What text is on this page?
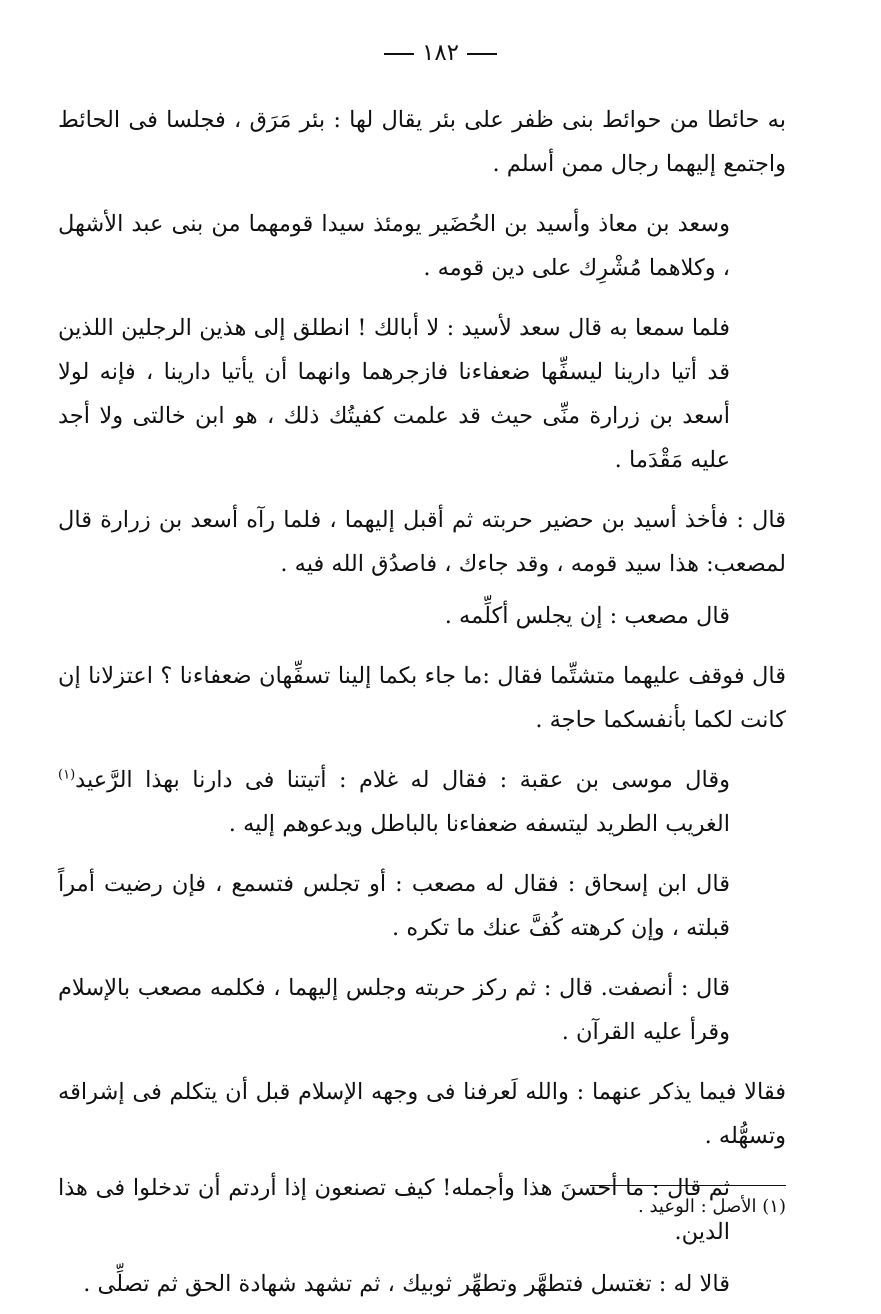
١٨٢

به حائطا من حوائط بنى ظفر على بئر يقال لها : بئر مَرَق ، فجلسا فى الحائط واجتمع إليهما رجال ممن أسلم .

وسعد بن معاذ وأسيد بن الحُضَير يومئذ سيدا قومهما من بنى عبد الأشهل ، وكلاهما مُشْرِك على دين قومه .

فلما سمعا به قال سعد لأسيد : لا أبالك ! انطلق إلى هذين الرجلين اللذين قد أتيا دارينا ليسفِّها ضعفاءنا فازجرهما وانهما أن يأتيا دارينا ، فإنه لولا أسعد بن زرارة منِّى حيث قد علمت كفيتُك ذلك ، هو ابن خالتى ولا أجد عليه مَقْدَما .

قال : فأخذ أسيد بن حضير حربته ثم أقبل إليهما ، فلما رآه أسعد بن زرارة قال لمصعب: هذا سيد قومه ، وقد جاءك ، فاصدُق الله فيه .

قال مصعب : إن يجلس أكلِّمه .

قال فوقف عليهما متشتِّما فقال :ما جاء بكما إلينا تسفِّهان ضعفاءنا ؟ اعتزلانا إن كانت لكما بأنفسكما حاجة .

وقال موسى بن عقبة : فقال له غلام : أتيتنا فى دارنا بهذا الرَّعيد$^{(١)}$ الغريب الطريد ليتسفه ضعفاءنا بالباطل ويدعوهم إليه .

قال ابن إسحاق : فقال له مصعب : أو تجلس فتسمع ، فإن رضيت أمراً قبلته ، وإن كرهته كُفَّ عنك ما تكره .

قال : أنصفت. قال : ثم ركز حربته وجلس إليهما ، فكلمه مصعب بالإسلام وقرأ عليه القرآن .

فقالا فيما يذكر عنهما : والله لَعرفنا فى وجهه الإسلام قبل أن يتكلم فى إشراقه وتسهُّله .

ثم قال : ما أحسنَ هذا وأجمله! كيف تصنعون إذا أردتم أن تدخلوا فى هذا الدين.

قالا له : تغتسل فتطهَّر وتطهِّر ثوبيك ، ثم تشهد شهادة الحق ثم تصلِّى .

(١) الأصل : الوعيد .
